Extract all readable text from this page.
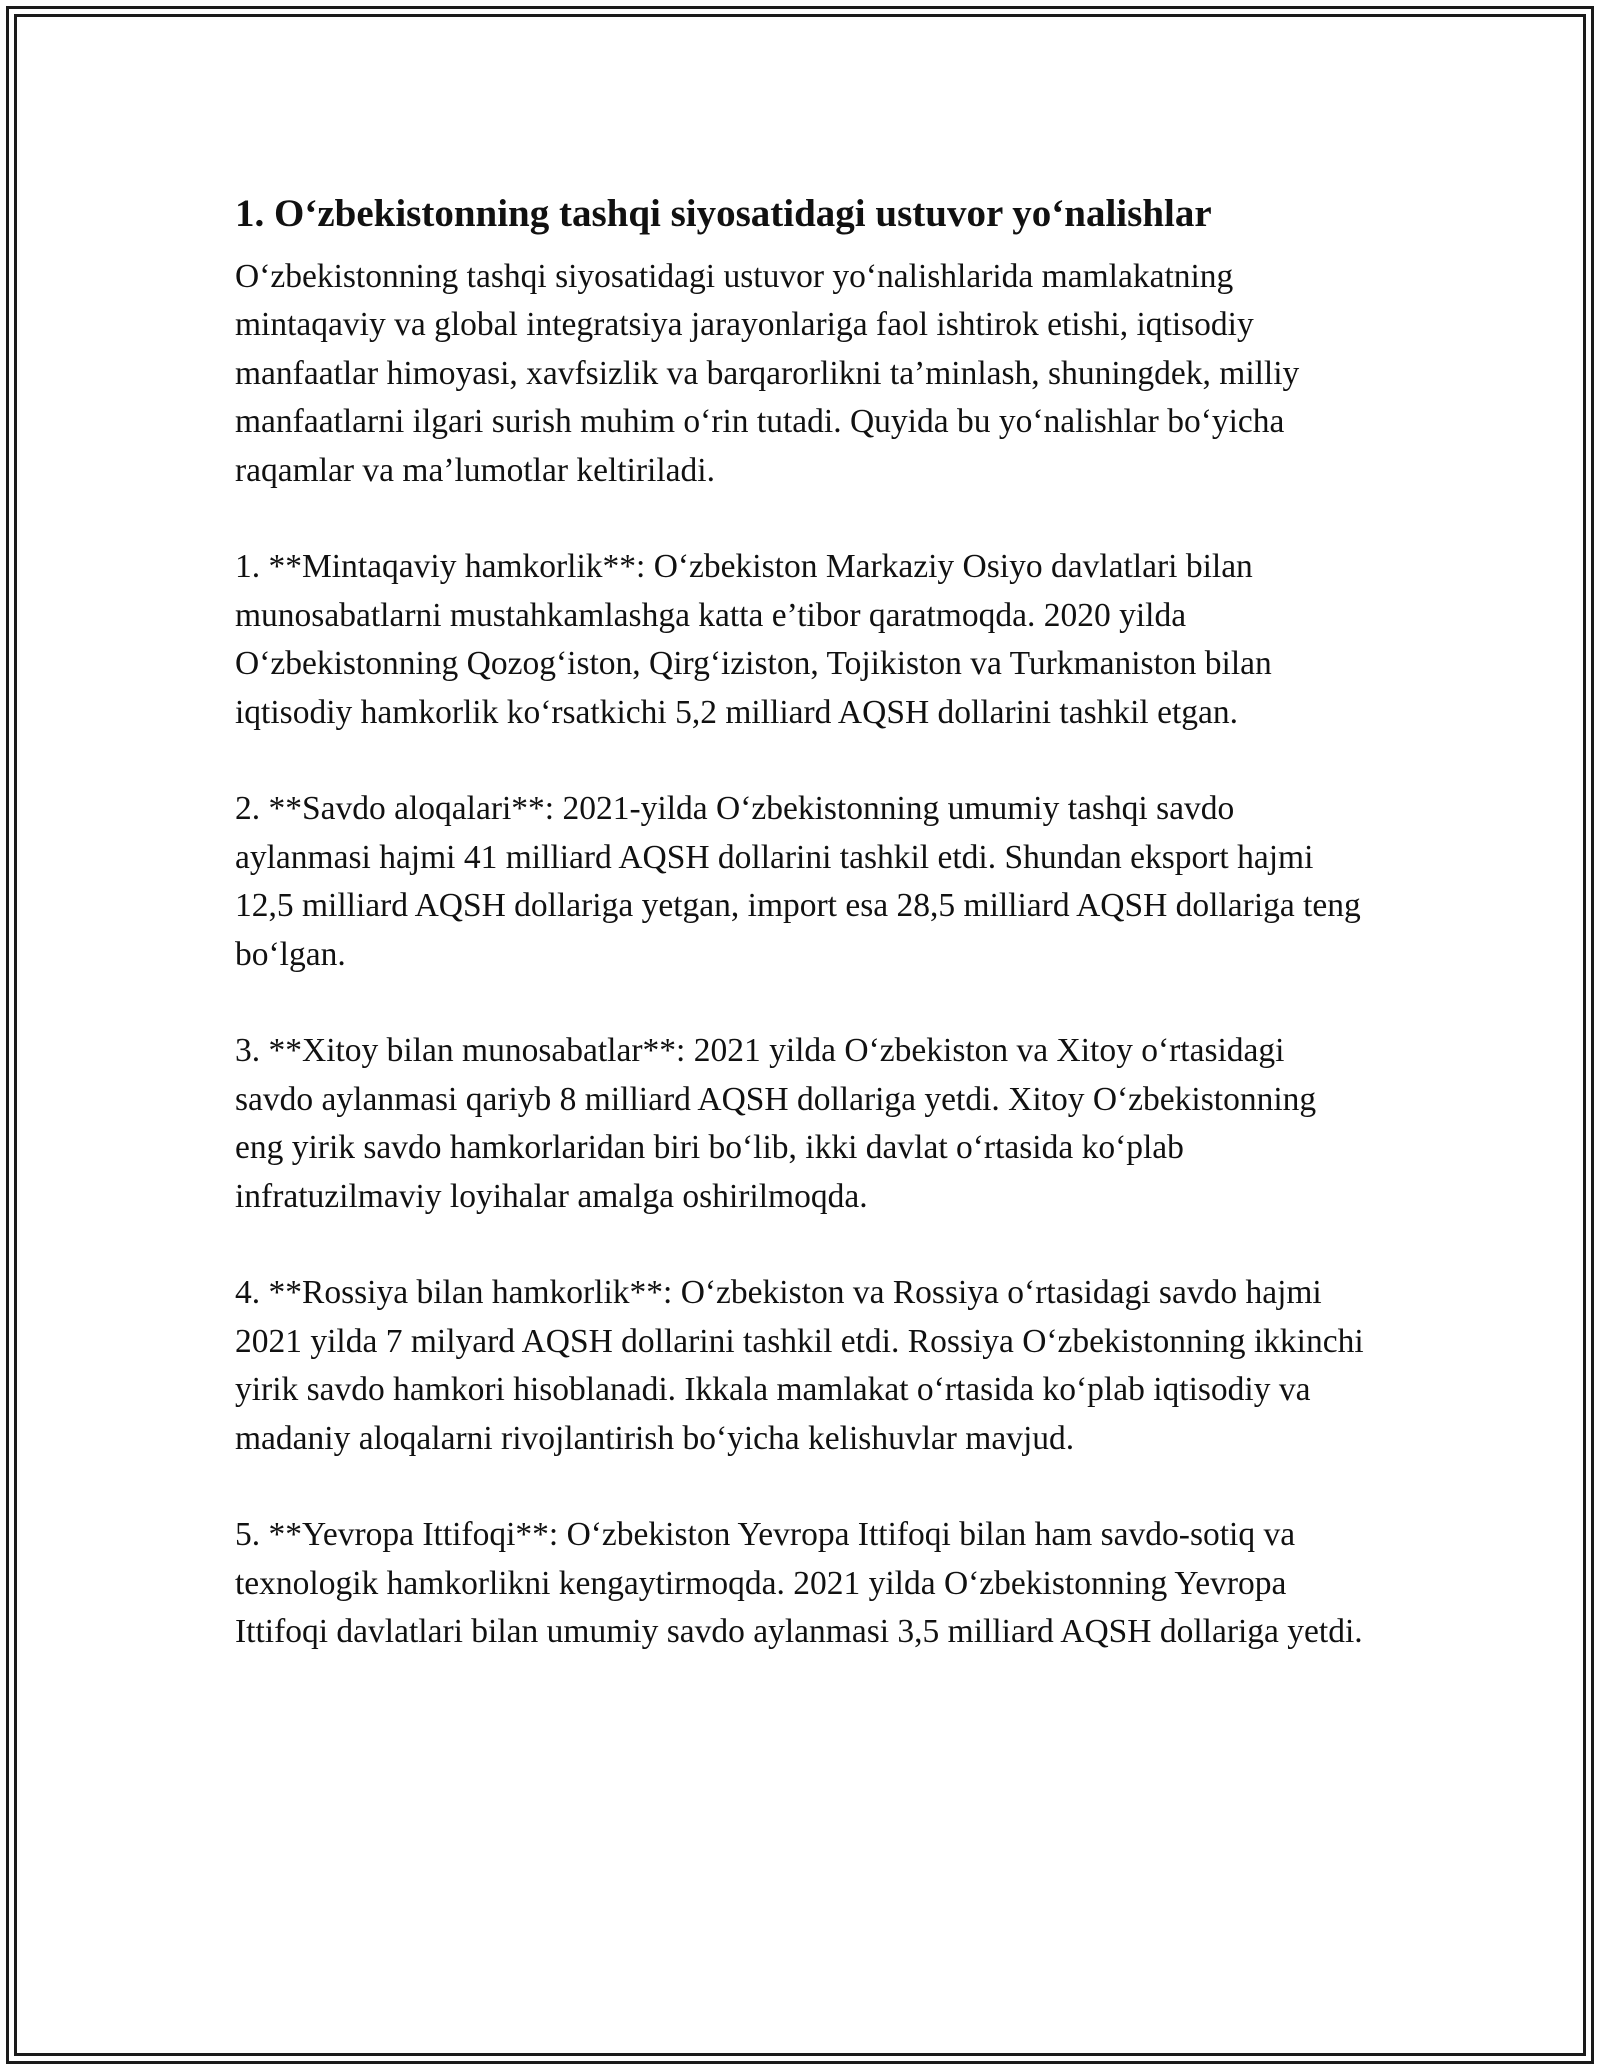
1. O‘zbekistonning tashqi siyosatidagi ustuvor yo‘nalishlar

O‘zbekistonning tashqi siyosatidagi ustuvor yo‘nalishlarida mamlakatning mintaqaviy va global integratsiya jarayonlariga faol ishtirok etishi, iqtisodiy manfaatlar himoyasi, xavfsizlik va barqarorlikni ta’minlash, shuningdek, milliy manfaatlarni ilgari surish muhim o‘rin tutadi. Quyida bu yo‘nalishlar bo‘yicha raqamlar va ma’lumotlar keltiriladi.

1. **Mintaqaviy hamkorlik**: O‘zbekiston Markaziy Osiyo davlatlari bilan munosabatlarni mustahkamlashga katta e’tibor qaratmoqda. 2020 yilda O‘zbekistonning Qozog‘iston, Qirg‘iziston, Tojikiston va Turkmaniston bilan iqtisodiy hamkorlik ko‘rsatkichi 5,2 milliard AQSH dollarini tashkil etgan.

2. **Savdo aloqalari**: 2021-yilda O‘zbekistonning umumiy tashqi savdo aylanmasi hajmi 41 milliard AQSH dollarini tashkil etdi. Shundan eksport hajmi 12,5 milliard AQSH dollariga yetgan, import esa 28,5 milliard AQSH dollariga teng bo‘lgan.

3. **Xitoy bilan munosabatlar**: 2021 yilda O‘zbekiston va Xitoy o‘rtasidagi savdo aylanmasi qariyb 8 milliard AQSH dollariga yetdi. Xitoy O‘zbekistonning eng yirik savdo hamkorlaridan biri bo‘lib, ikki davlat o‘rtasida ko‘plab infratuzilmaviy loyihalar amalga oshirilmoqda.

4. **Rossiya bilan hamkorlik**: O‘zbekiston va Rossiya o‘rtasidagi savdo hajmi 2021 yilda 7 milyard AQSH dollarini tashkil etdi. Rossiya O‘zbekistonning ikkinchi yirik savdo hamkori hisoblanadi. Ikkala mamlakat o‘rtasida ko‘plab iqtisodiy va madaniy aloqalarni rivojlantirish bo‘yicha kelishuvlar mavjud.

5. **Yevropa Ittifoqi**: O‘zbekiston Yevropa Ittifoqi bilan ham savdo-sotiq va texnologik hamkorlikni kengaytirmoqda. 2021 yilda O‘zbekistonning Yevropa Ittifoqi davlatlari bilan umumiy savdo aylanmasi 3,5 milliard AQSH dollariga yetdi.
